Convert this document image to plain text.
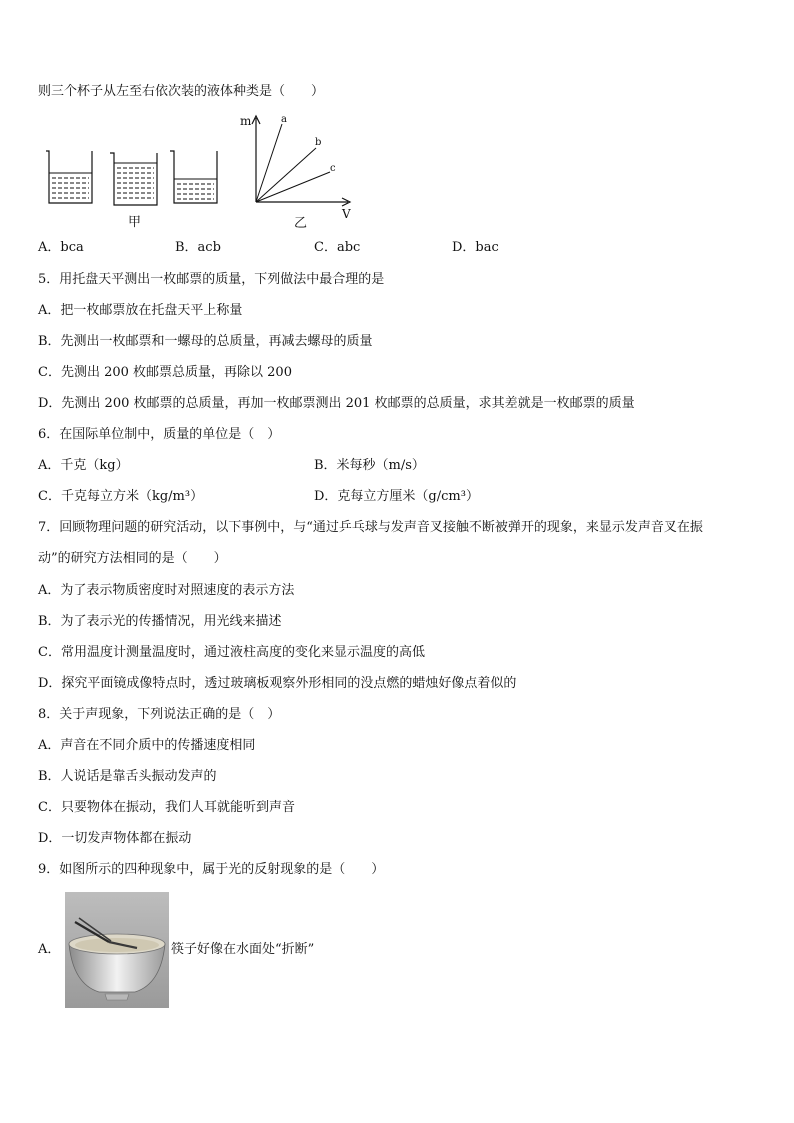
则三个杯子从左至右依次装的液体种类是（　　）
甲
m
V
a
b
c
乙
A．bca	B．acb	C．abc	D．bac
5．用托盘天平测出一枚邮票的质量，下列做法中最合理的是
A．把一枚邮票放在托盘天平上称量
B．先测出一枚邮票和一螺母的总质量，再减去螺母的质量
C．先测出 200 枚邮票总质量，再除以 200
D．先测出 200 枚邮票的总质量，再加一枚邮票测出 201 枚邮票的总质量，求其差就是一枚邮票的质量
6．在国际单位制中，质量的单位是（　）
A．千克（kg）	B．米每秒（m/s）
C．千克每立方米（kg/m³）	D．克每立方厘米（g/cm³）
7．回顾物理问题的研究活动，以下事例中，与“通过乒乓球与发声音叉接触不断被弹开的现象，来显示发声音叉在振
动”的研究方法相同的是（　　）
A．为了表示物质密度时对照速度的表示方法
B．为了表示光的传播情况，用光线来描述
C．常用温度计测量温度时，通过液柱高度的变化来显示温度的高低
D．探究平面镜成像特点时，透过玻璃板观察外形相同的没点燃的蜡烛好像点着似的
8．关于声现象，下列说法正确的是（　）
A．声音在不同介质中的传播速度相同
B．人说话是靠舌头振动发声的
C．只要物体在振动，我们人耳就能听到声音
D．一切发声物体都在振动
9．如图所示的四种现象中，属于光的反射现象的是（　　）
A．	筷子好像在水面处“折断”
